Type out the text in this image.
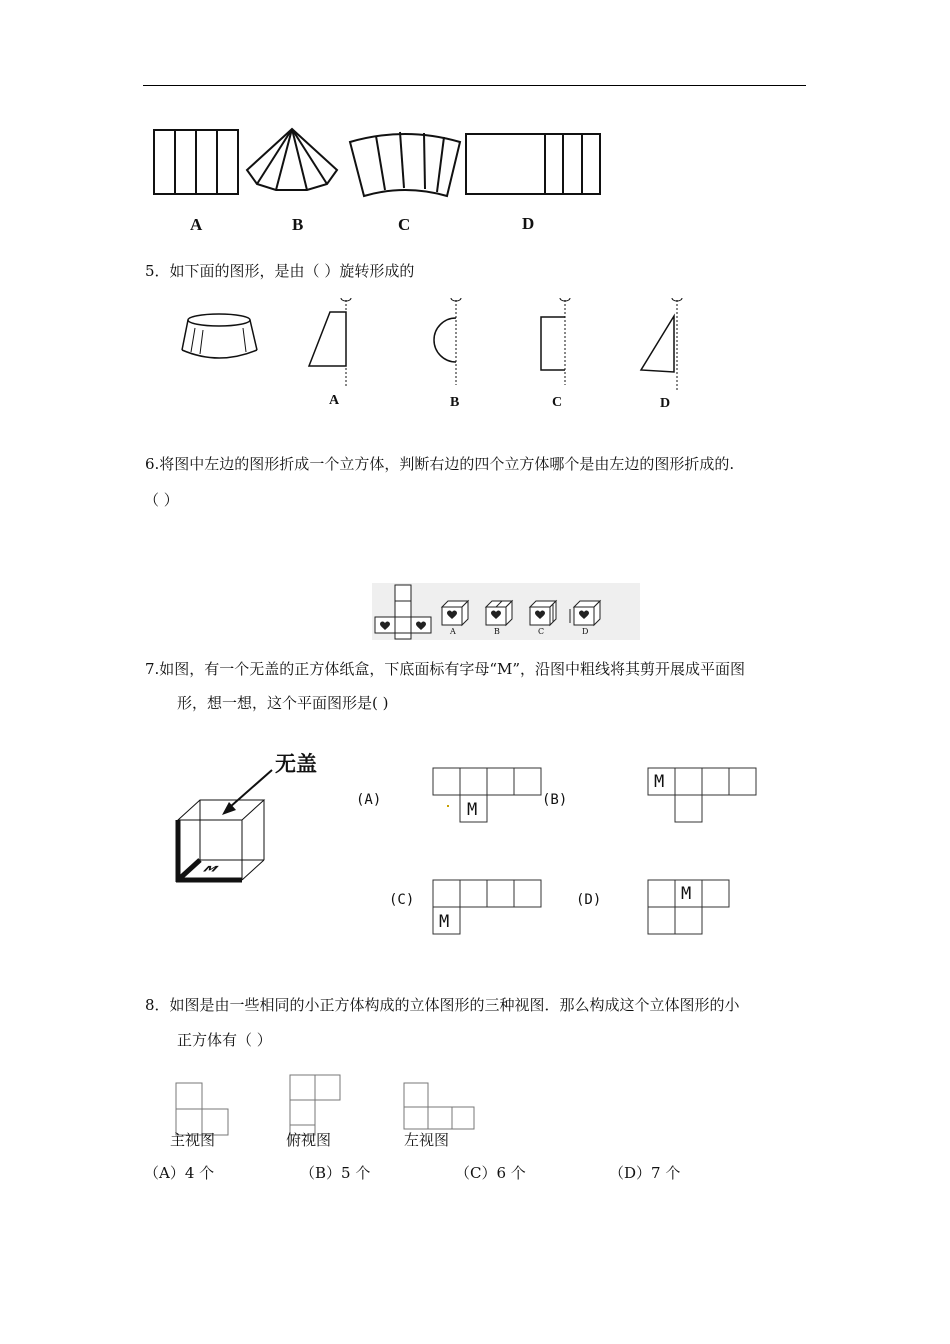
A	B	C	D
5．如下面的图形，是由（ ）旋转形成的
A	B	C	D
6.将图中左边的图形折成一个立方体，判断右边的四个立方体哪个是由左边的图形折成的.
（ ）
A	B	C	D
7.如图，有一个无盖的正方体纸盒，下底面标有字母“M”，沿图中粗线将其剪开展成平面图
形，想一想，这个平面图形是( )
无盖
M
(A)	(B)
(C)	(D)
M
M
M
M
8．如图是由一些相同的小正方体构成的立体图形的三种视图．那么构成这个立体图形的小
正方体有（ ）
主视图	俯视图	左视图
（A）4 个	（B）5 个	（C）6 个	（D）7 个
